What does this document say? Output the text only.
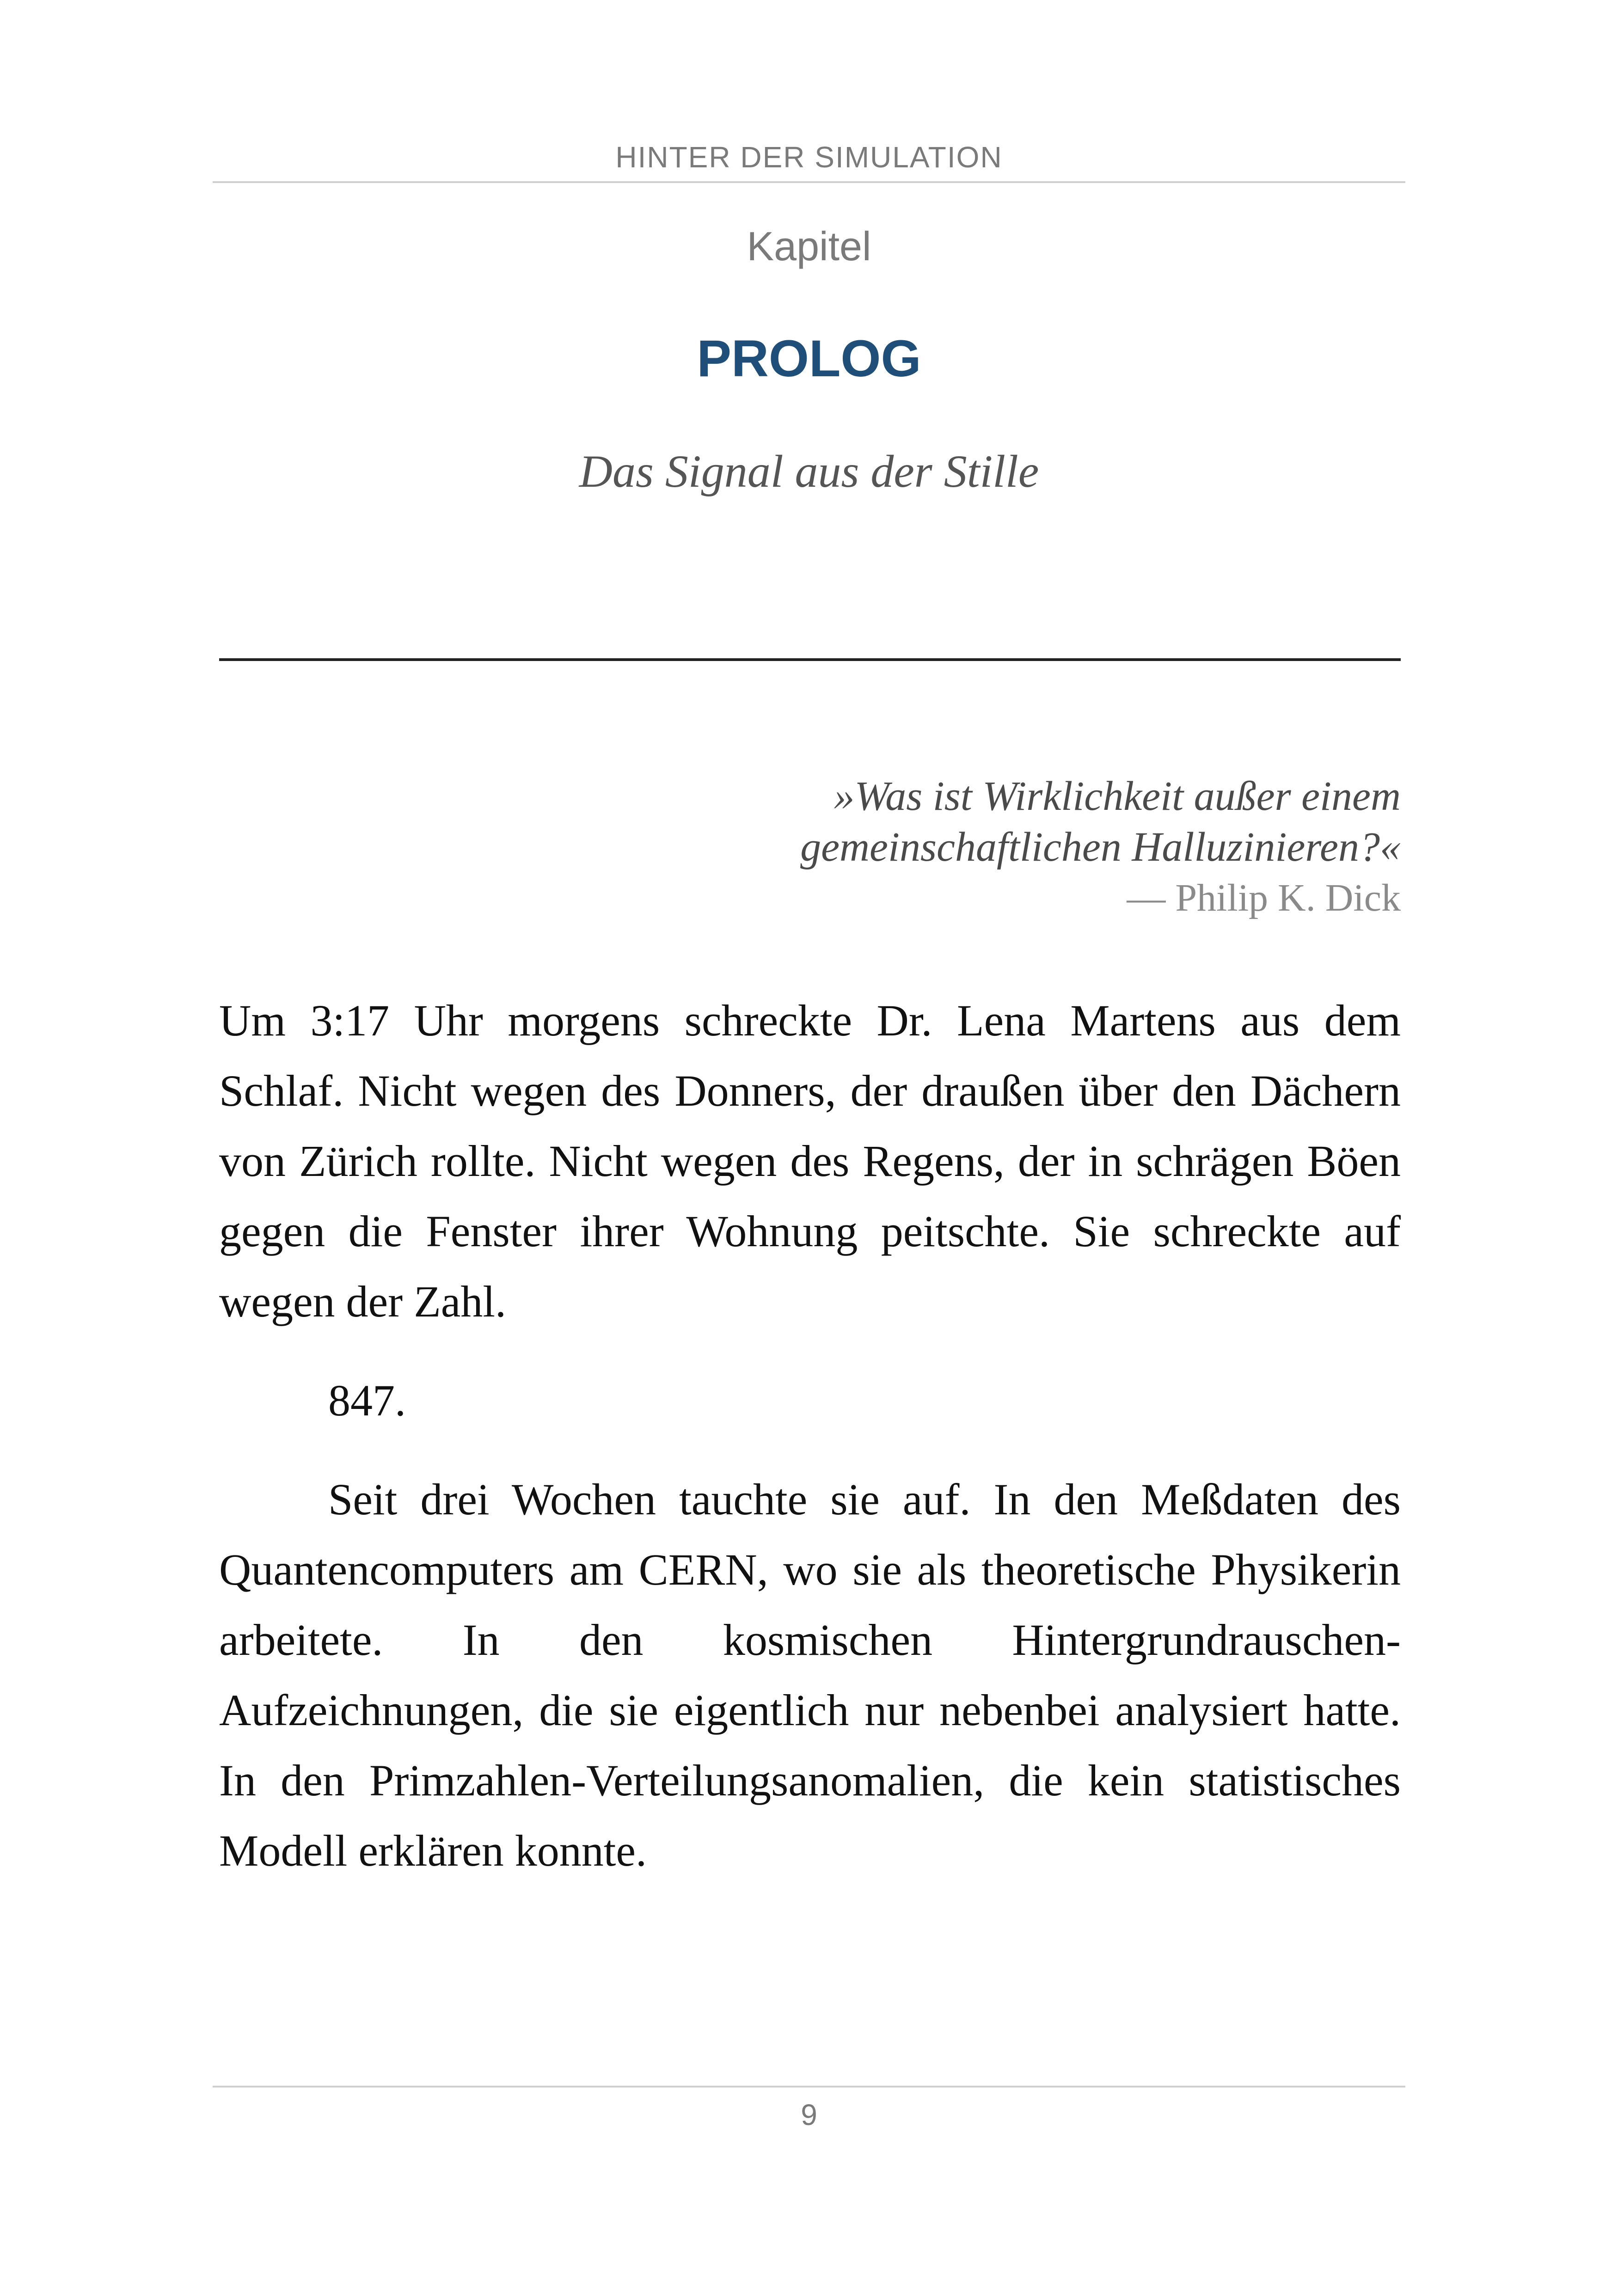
HINTER DER SIMULATION
Kapitel
PROLOG
Das Signal aus der Stille
»Was ist Wirklichkeit außer einem
gemeinschaftlichen Halluzinieren?«
— Philip K. Dick

Um 3:17 Uhr morgens schreckte Dr. Lena Martens aus dem Schlaf. Nicht wegen des Donners, der draußen über den Dächern von Zürich rollte. Nicht wegen des Regens, der in schrägen Böen gegen die Fenster ihrer Wohnung peitschte. Sie schreckte auf wegen der Zahl.

847.

Seit drei Wochen tauchte sie auf. In den Meßdaten des Quantencomputers am CERN, wo sie als theoretische Physikerin arbeitete. In den kosmischen Hintergrundrauschen-Aufzeichnungen, die sie eigentlich nur nebenbei analysiert hatte. In den Primzahlen-Verteilungsanomalien, die kein statistisches Modell erklären konnte.

9
